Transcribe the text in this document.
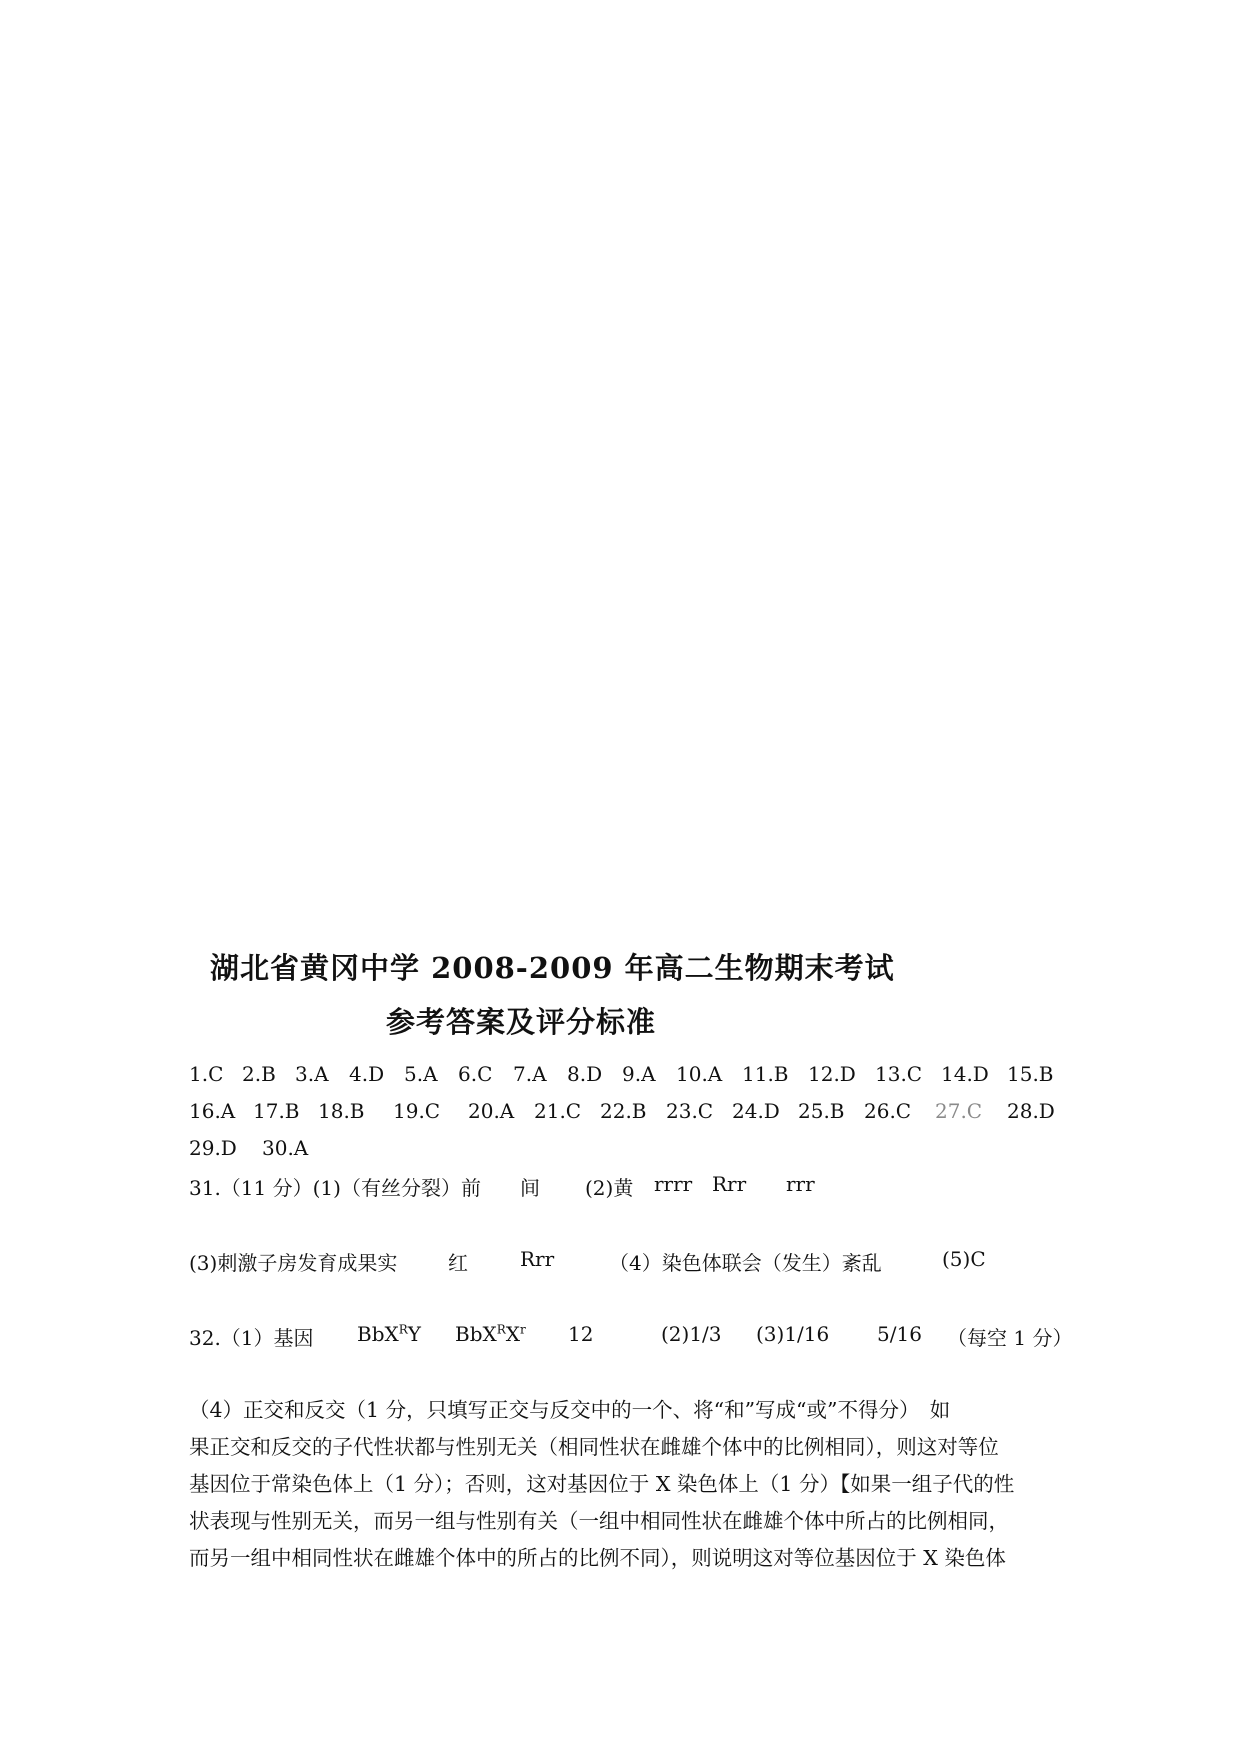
湖北省黄冈中学 2008-2009 年高二生物期末考试
参考答案及评分标准
1.C 2.B 3.A 4.D 5.A 6.C 7.A 8.D 9.A 10.A 11.B 12.D 13.C 14.D 15.B
16.A 17.B 18.B 19.C 20.A 21.C 22.B 23.C 24.D 25.B 26.C 27.C 28.D
29.D 30.A
31.（11 分）(1)（有丝分裂）前 间 (2)黄 rrrr Rrr rrr
(3)刺激子房发育成果实	红	Rrr	（4）染色体联会（发生）紊乱	(5)C
32.（1）基因 BbX$^R$Y $BbX^RX^r$ 12	(2)1/3 (3)1/16 5/16 （每空 1 分）
（4）正交和反交（1 分，只填写正交与反交中的一个、将“和”写成“或”不得分）　如
果正交和反交的子代性状都与性别无关（相同性状在雌雄个体中的比例相同），则这对等位
基因位于常染色体上（1 分）；否则，这对基因位于 X 染色体上（1 分）【如果一组子代的性
状表现与性别无关，而另一组与性别有关（一组中相同性状在雌雄个体中所占的比例相同，
而另一组中相同性状在雌雄个体中的所占的比例不同），则说明这对等位基因位于 X 染色体
